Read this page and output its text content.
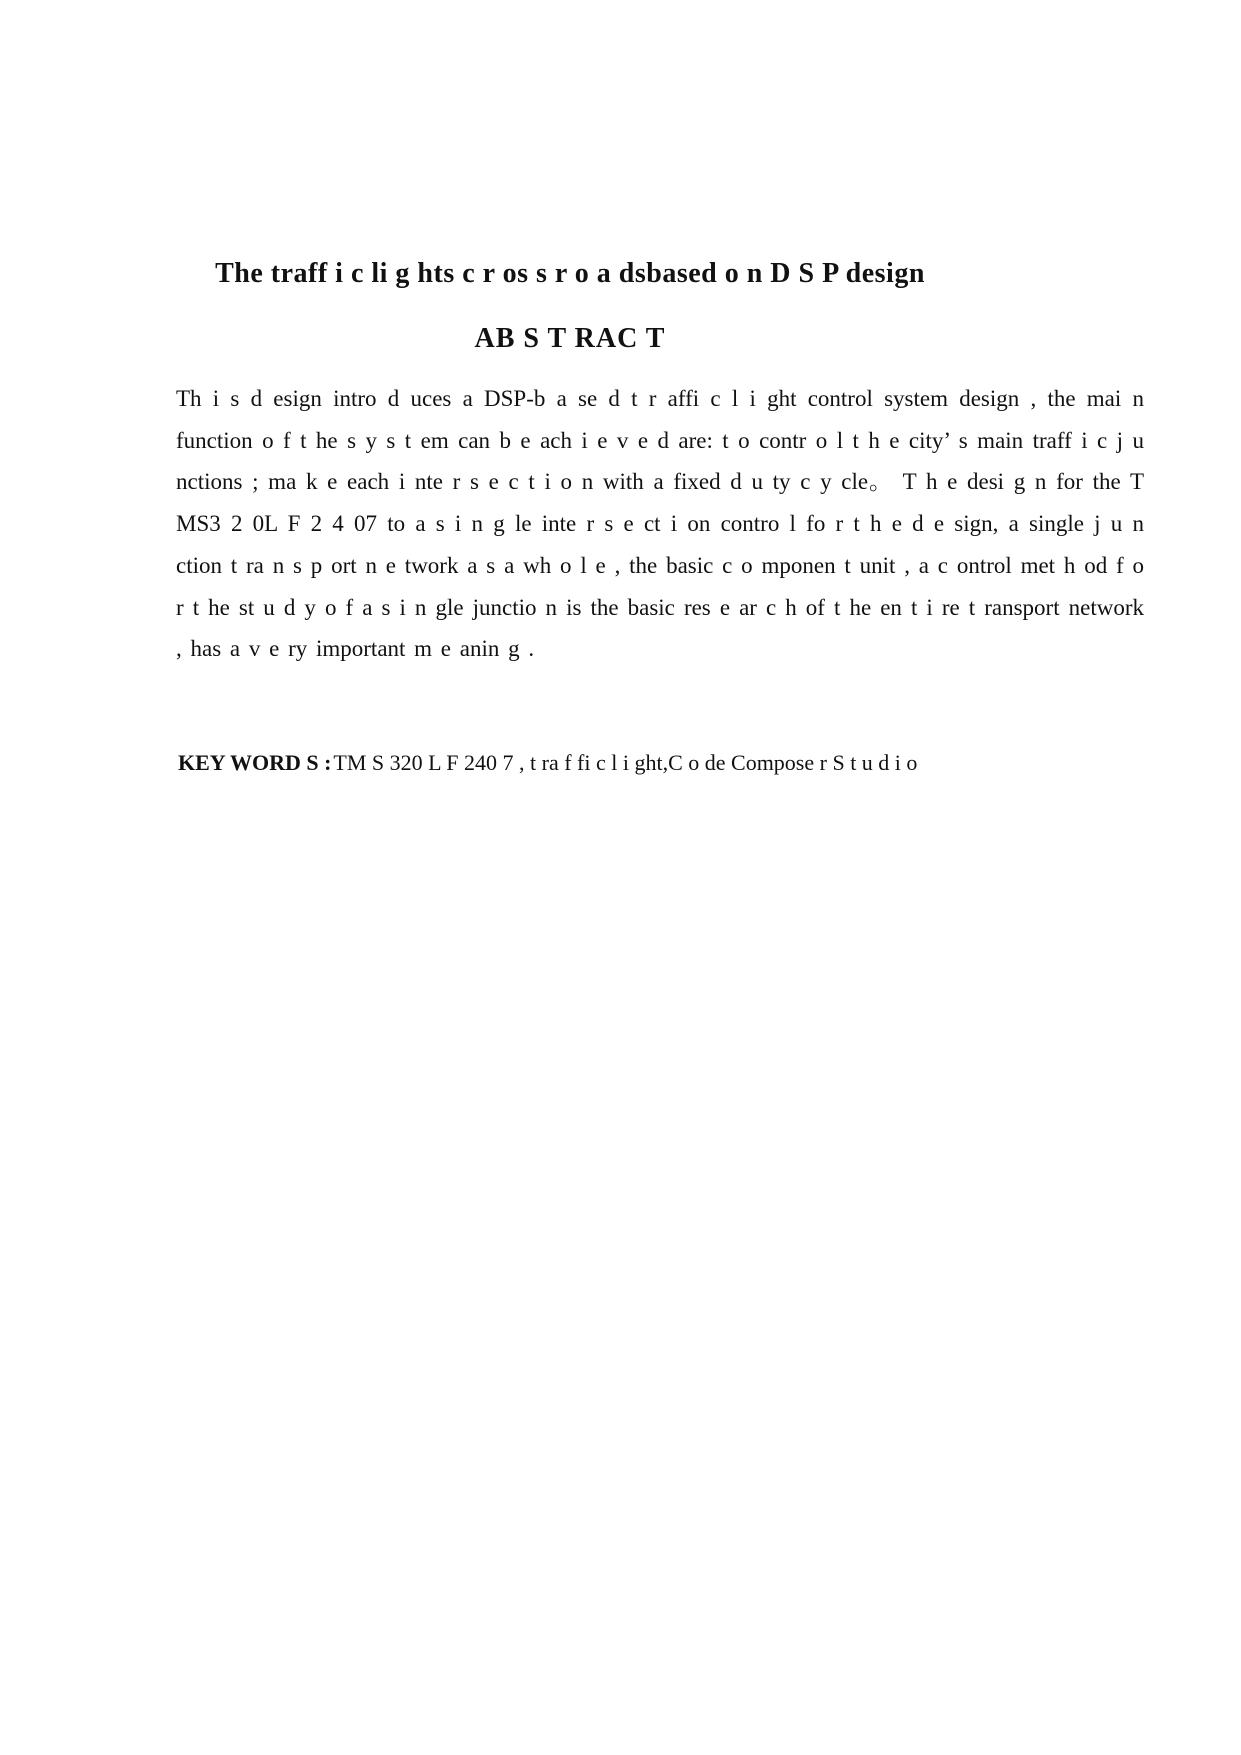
The traff i c li g hts c r os s r o a dsbased o n D S P design
AB S T RAC T
Th i s d esign intro d uces a DSP-b a se d t r affi c l i ght control system design , the mai n function o f t he s y s t em can b e ach i e v e d are: t o contr o l t h e city’ s main traff i c j u nctions ; ma k e each i nte r s e c t i o n with a fixed d u ty c y cle。 T h e desi g n for the T MS3 2 0L F 2 4 07 to a s i n g le inte r s e ct i on contro l fo r t h e d e sign, a single j u n ction t ra n s p ort n e twork a s a wh o l e , the basic c o mponen t unit , a c ontrol met h od f o r t he st u d y o f a s i n gle junctio n is the basic res e ar c h of t he en t i re t ransport network , has a v e ry important m e anin g .
KEY WORD S :TM S 320 L F 240 7 , t ra f fi c l i ght,C o de Compose r S t u d i o
